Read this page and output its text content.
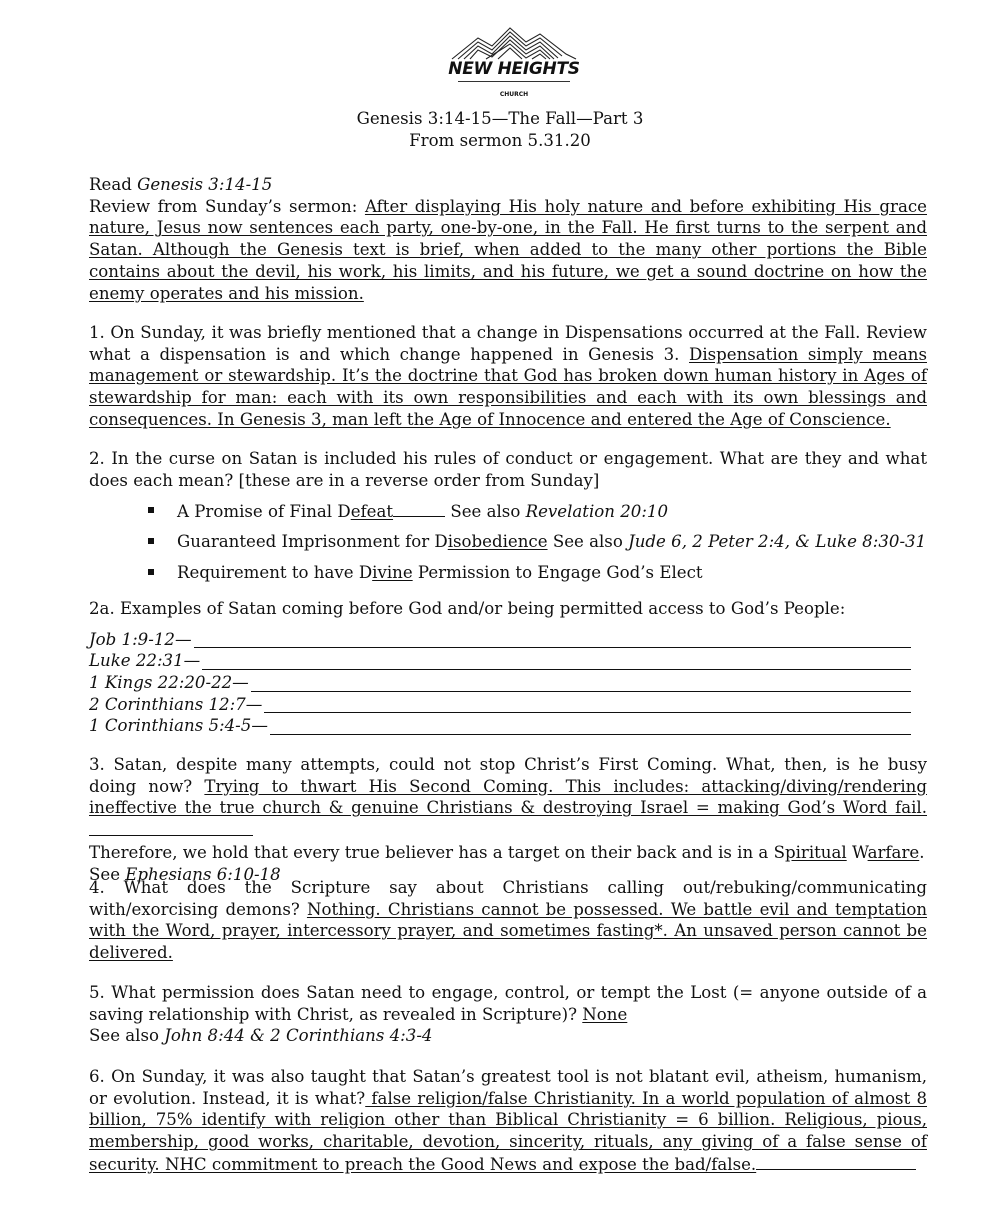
NEW HEIGHTS
CHURCH
Genesis 3:14-15—The Fall—Part 3
From sermon 5.31.20
Read Genesis 3:14-15
Review from Sunday’s sermon: After displaying His holy nature and before exhibiting His grace nature, Jesus now sentences each party, one-by-one, in the Fall. He first turns to the serpent and Satan. Although the Genesis text is brief, when added to the many other portions the Bible contains about the devil, his work, his limits, and his future, we get a sound doctrine on how the enemy operates and his mission.
1. On Sunday, it was briefly mentioned that a change in Dispensations occurred at the Fall. Review what a dispensation is and which change happened in Genesis 3. Dispensation simply means management or stewardship. It’s the doctrine that God has broken down human history in Ages of stewardship for man: each with its own responsibilities and each with its own blessings and consequences. In Genesis 3, man left the Age of Innocence and entered the Age of Conscience.
2. In the curse on Satan is included his rules of conduct or engagement. What are they and what does each mean? [these are in a reverse order from Sunday]
A Promise of Final Defeat	See also Revelation 20:10
Guaranteed Imprisonment for Disobedience See also Jude 6, 2 Peter 2:4, & Luke 8:30-31
Requirement to have Divine Permission to Engage God’s Elect
2a. Examples of Satan coming before God and/or being permitted access to God’s People:
Job 1:9-12—
Luke 22:31—
1 Kings 22:20-22—
2 Corinthians 12:7—
1 Corinthians 5:4-5—
3. Satan, despite many attempts, could not stop Christ’s First Coming. What, then, is he busy doing now? Trying to thwart His Second Coming. This includes: attacking/diving/rendering ineffective the true church & genuine Christians & destroying Israel = making God’s Word fail.
Therefore, we hold that every true believer has a target on their back and is in a Spiritual Warfare.
See Ephesians 6:10-18
4. What does the Scripture say about Christians calling out/rebuking/communicating with/exorcising demons? Nothing. Christians cannot be possessed. We battle evil and temptation with the Word, prayer, intercessory prayer, and sometimes fasting*. An unsaved person cannot be delivered.
5. What permission does Satan need to engage, control, or tempt the Lost (= anyone outside of a saving relationship with Christ, as revealed in Scripture)? None
See also John 8:44 & 2 Corinthians 4:3-4
6. On Sunday, it was also taught that Satan’s greatest tool is not blatant evil, atheism, humanism, or evolution. Instead, it is what? false religion/false Christianity. In a world population of almost 8 billion, 75% identify with religion other than Biblical Christianity = 6 billion. Religious, pious, membership, good works, charitable, devotion, sincerity, rituals, any giving of a false sense of security. NHC commitment to preach the Good News and expose the bad/false.
